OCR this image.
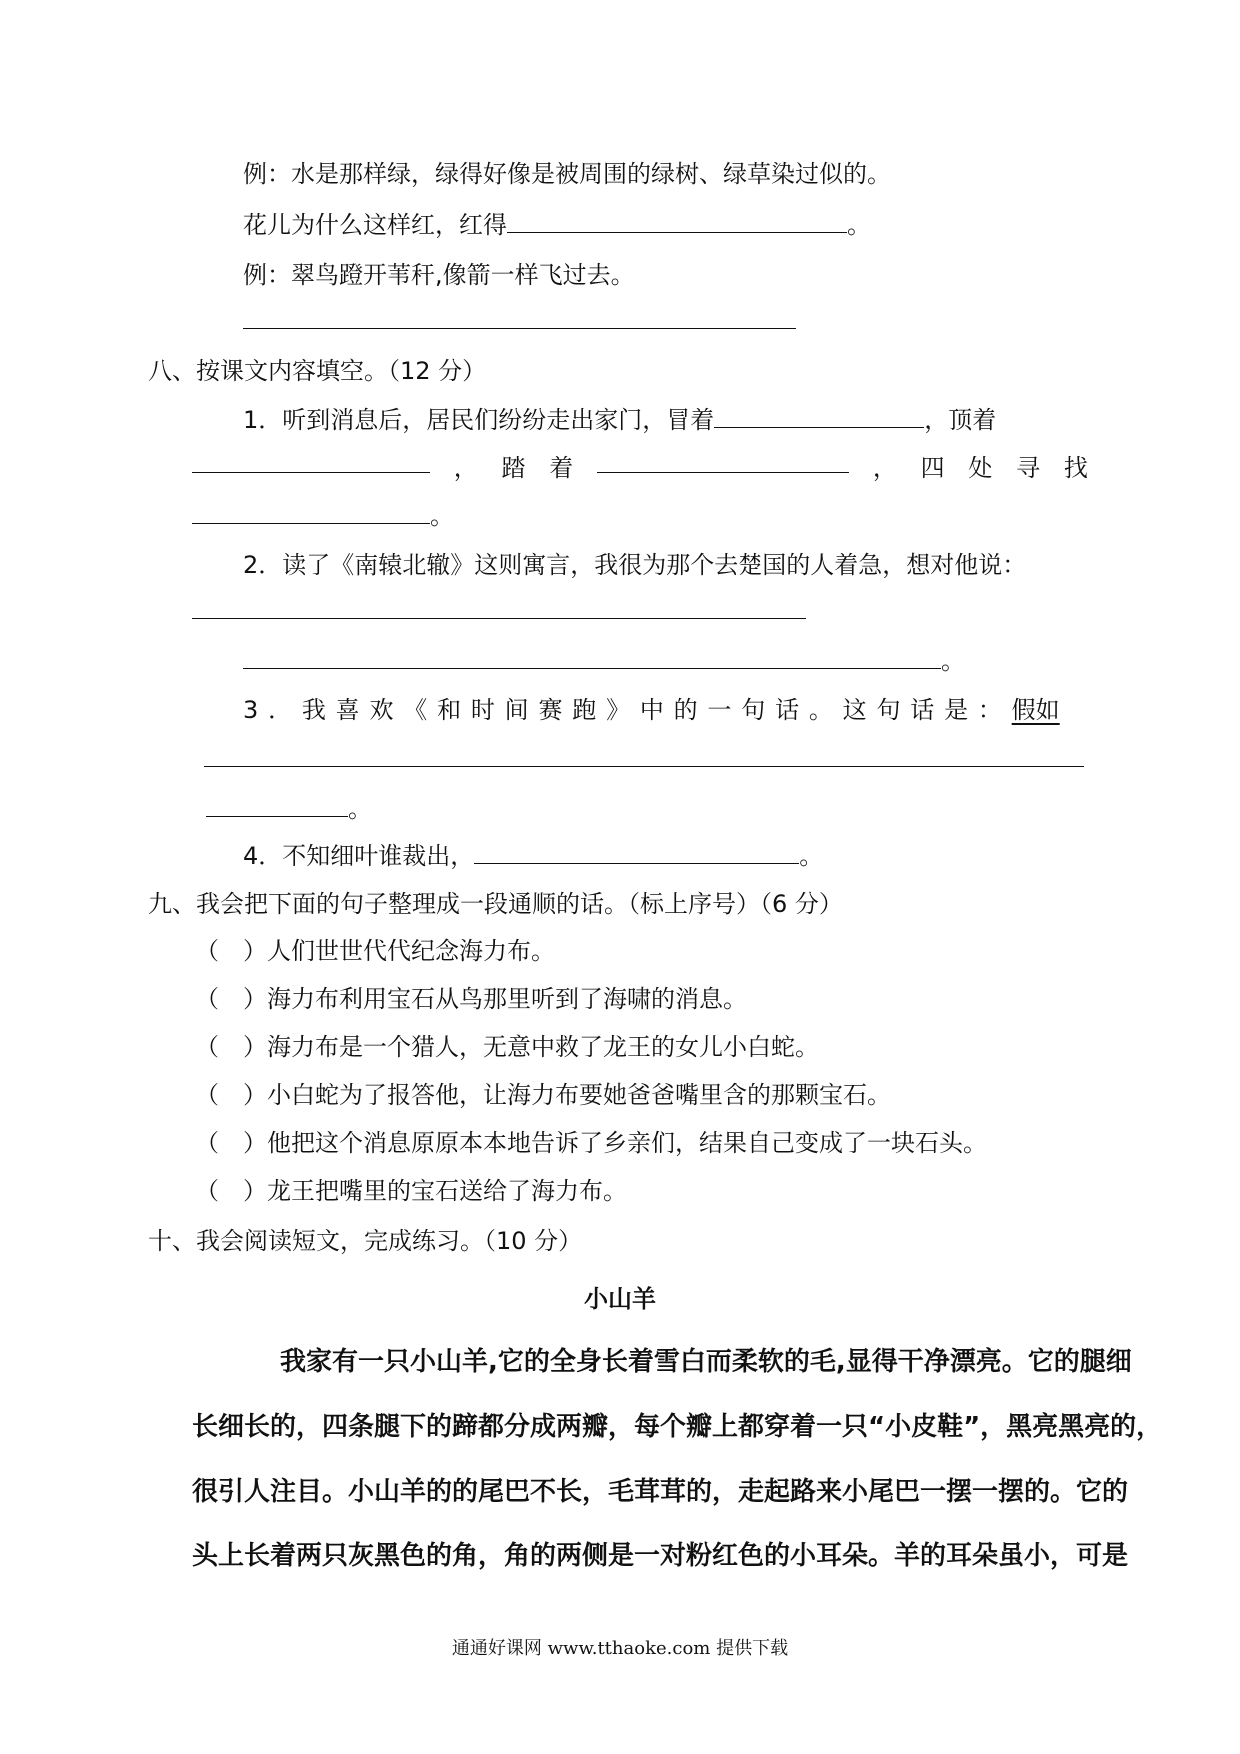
例：水是那样绿，绿得好像是被周围的绿树、绿草染过似的。
花儿为什么这样红，红得	。
例：翠鸟蹬开苇秆,像箭一样飞过去。
八、按课文内容填空。（12 分）
1．听到消息后，居民们纷纷走出家门，冒着	，顶着
， 踏 着	， 四 处 寻 找
。
2．读了《南辕北辙》这则寓言，我很为那个去楚国的人着急，想对他说：
。
3．我喜欢《和时间赛跑》中的一句话。这句话是：假如
。
4．不知细叶谁裁出，	。
九、我会把下面的句子整理成一段通顺的话。（标上序号）（6 分）
（ ）人们世世代代纪念海力布。
（ ）海力布利用宝石从鸟那里听到了海啸的消息。
（ ）海力布是一个猎人，无意中救了龙王的女儿小白蛇。
（ ）小白蛇为了报答他，让海力布要她爸爸嘴里含的那颗宝石。
（ ）他把这个消息原原本本地告诉了乡亲们，结果自己变成了一块石头。
（ ）龙王把嘴里的宝石送给了海力布。
十、我会阅读短文，完成练习。（10 分）
小山羊
我家有一只小山羊,它的全身长着雪白而柔软的毛,显得干净漂亮。它的腿细
长细长的，四条腿下的蹄都分成两瓣，每个瓣上都穿着一只“小皮鞋”，黑亮黑亮的，
很引人注目。小山羊的的尾巴不长，毛茸茸的，走起路来小尾巴一摆一摆的。它的
头上长着两只灰黑色的角，角的两侧是一对粉红色的小耳朵。羊的耳朵虽小，可是
通通好课网 www.tthaoke.com 提供下载
